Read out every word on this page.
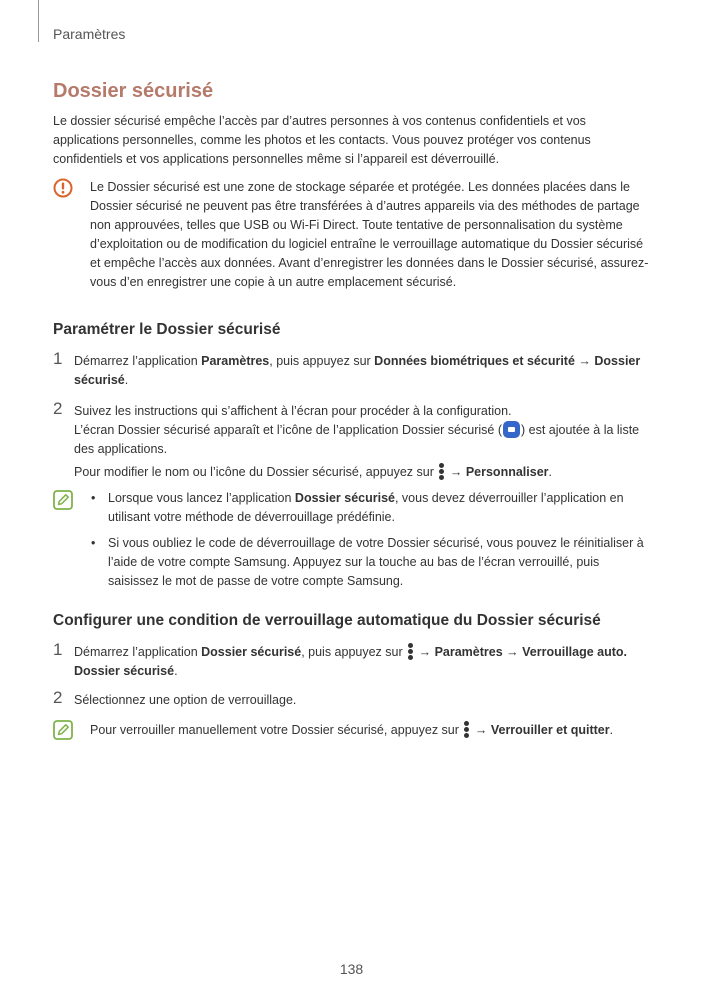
Paramètres
Dossier sécurisé

Le dossier sécurisé empêche l’accès par d’autres personnes à vos contenus confidentiels et vos applications personnelles, comme les photos et les contacts. Vous pouvez protéger vos contenus confidentiels et vos applications personnelles même si l’appareil est déverrouillé.

Le Dossier sécurisé est une zone de stockage séparée et protégée. Les données placées dans le Dossier sécurisé ne peuvent pas être transférées à d’autres appareils via des méthodes de partage non approuvées, telles que USB ou Wi-Fi Direct. Toute tentative de personnalisation du système d’exploitation ou de modification du logiciel entraîne le verrouillage automatique du Dossier sécurisé et empêche l’accès aux données. Avant d’enregistrer les données dans le Dossier sécurisé, assurez-vous d’en enregistrer une copie à un autre emplacement sécurisé.

Paramétrer le Dossier sécurisé
1 Démarrez l’application Paramètres, puis appuyez sur Données biométriques et sécurité → Dossier sécurisé.

2 Suivez les instructions qui s’affichent à l’écran pour procéder à la configuration.

L’écran Dossier sécurisé apparaît et l’icône de l’application Dossier sécurisé ( ) est ajoutée à la liste des applications.

Pour modifier le nom ou l’icône du Dossier sécurisé, appuyez sur
→ Personnaliser.

• Lorsque vous lancez l’application Dossier sécurisé, vous devez déverrouiller l’application en utilisant votre méthode de déverrouillage prédéfinie.
• Si vous oubliez le code de déverrouillage de votre Dossier sécurisé, vous pouvez le réinitialiser à l’aide de votre compte Samsung. Appuyez sur la touche au bas de l’écran verrouillé, puis saisissez le mot de passe de votre compte Samsung.
Configurer une condition de verrouillage automatique du Dossier sécurisé
1 Démarrez l’application Dossier sécurisé, puis appuyez sur
→ Paramètres → Verrouillage auto. Dossier sécurisé.

2 Sélectionnez une option de verrouillage.

Pour verrouiller manuellement votre Dossier sécurisé, appuyez sur
→ Verrouiller et quitter.

138
